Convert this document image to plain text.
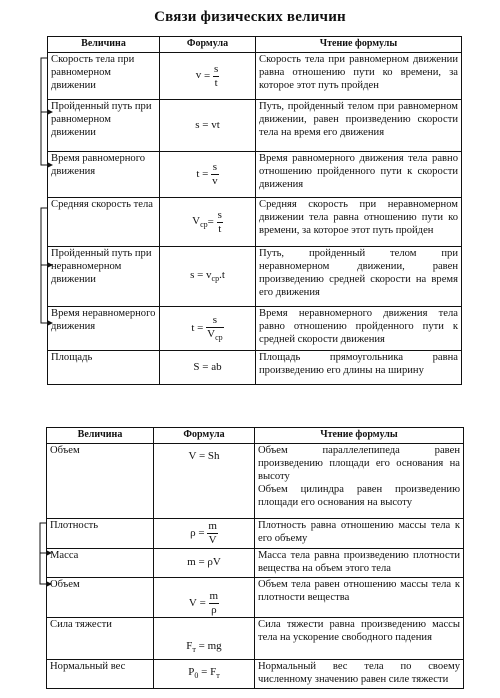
Связи физических величин
Величина	Формула	Чтение формулы
Скорость тела при равномерном движении	$v = \frac{s}{t}$	Скорость тела при равномерном движении равна отношению пути ко времени, за которое этот путь пройден
Пройденный путь при равномерном движении	s = vt	Путь, пройденный телом при равномерном движении, равен произведению скорости тела на время его движения
Время равномерного движения	$t = \frac{s}{v}$	Время равномерного движения тела равно отношению пройденного пути к скорости движения
Средняя скорость тела	$V_{ср}= \frac{s}{t}$	Средняя скорость при неравномерном движении тела равна отношению пути ко времени, за которое этот путь пройден
Пройденный путь при неравномерном движении	$s = v_{ср}.t$	Путь, пройденный телом при неравномерном движении, равен произведению средней скорости на время его движения
Время неравномерного движения	$t = \frac{s}{V_{ср}}$	Время неравномерного движения тела равно отношению пройденного пути к средней скорости движения
Площадь	S = ab	Площадь прямоугольника равна произведению его длины на ширину
Величина	Формула	Чтение формулы
Объем	V = Sh	Объем параллелепипеда равен произведению площади его основания на высоту
Объем цилиндра равен произведению площади его основания на высоту

Плотность	$\rho = \frac{m}{V}$	Плотность равна отношению массы тела к его объему
Масса	m = ρV	Масса тела равна произведению плотности вещества на объем этого тела
Объем	$V = \frac{m}{\rho}$	Объем тела равен отношению массы тела к плотности вещества
Сила тяжести	$F_т$ = mg	Сила тяжести равна произведению массы тела на ускорение свободного падения
Нормальный вес	$P_0 = F_т$	Нормальный вес тела по своему численному значению равен силе тяжести
